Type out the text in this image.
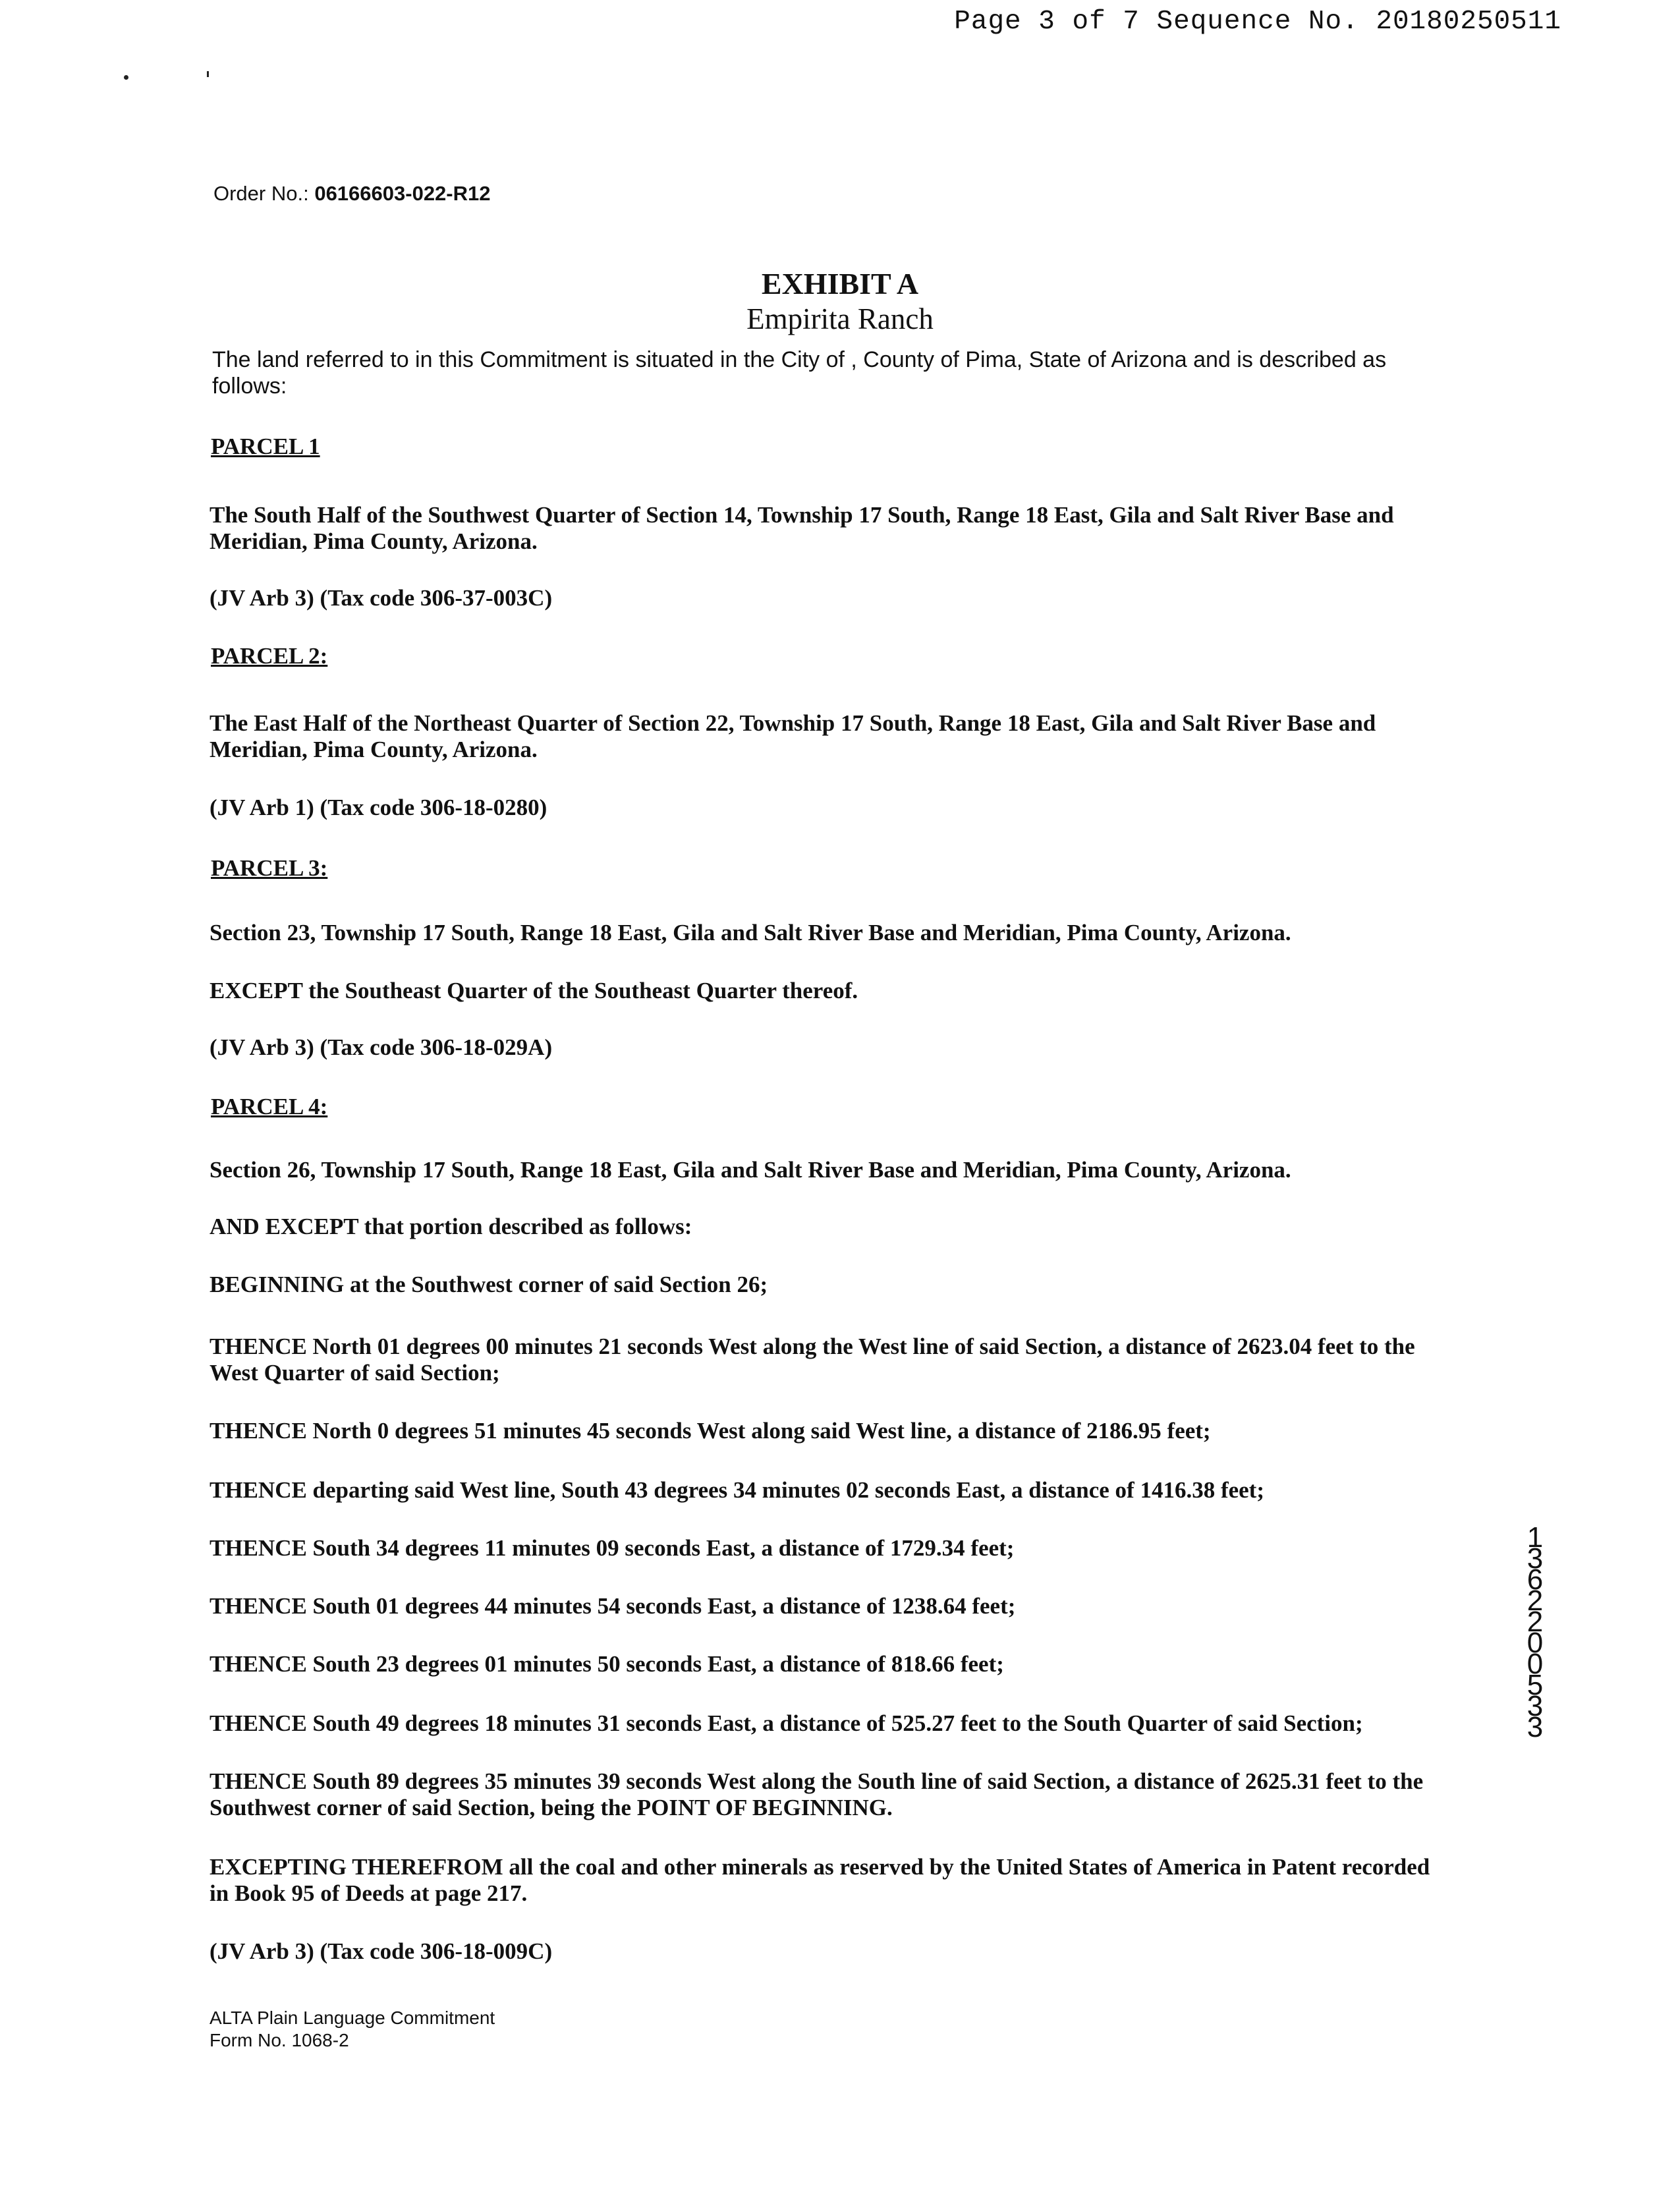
Page 3 of 7 Sequence No. 20180250511
Order No.: 06166603-022-R12
EXHIBIT A
Empirita Ranch
The land referred to in this Commitment is situated in the City of , County of Pima, State of Arizona and is described as follows:
PARCEL 1
The South Half of the Southwest Quarter of Section 14, Township 17 South, Range 18 East, Gila and Salt River Base and Meridian, Pima County, Arizona.
(JV Arb 3) (Tax code 306-37-003C)
PARCEL 2:
The East Half of the Northeast Quarter of Section 22, Township 17 South, Range 18 East, Gila and Salt River Base and Meridian, Pima County, Arizona.
(JV Arb 1) (Tax code 306-18-0280)
PARCEL 3:
Section 23, Township 17 South, Range 18 East, Gila and Salt River Base and Meridian, Pima County, Arizona.
EXCEPT the Southeast Quarter of the Southeast Quarter thereof.
(JV Arb 3) (Tax code 306-18-029A)
PARCEL 4:
Section 26, Township 17 South, Range 18 East, Gila and Salt River Base and Meridian, Pima County, Arizona.
AND EXCEPT that portion described as follows:
BEGINNING at the Southwest corner of said Section 26;
THENCE North 01 degrees 00 minutes 21 seconds West along the West line of said Section, a distance of 2623.04 feet to the West Quarter of said Section;
THENCE North 0 degrees 51 minutes 45 seconds West along said West line, a distance of 2186.95 feet;
THENCE departing said West line, South 43 degrees 34 minutes 02 seconds East, a distance of 1416.38 feet;
THENCE South 34 degrees 11 minutes 09 seconds East, a distance of 1729.34 feet;
THENCE South 01 degrees 44 minutes 54 seconds East, a distance of 1238.64 feet;
THENCE South 23 degrees 01 minutes 50 seconds East, a distance of 818.66 feet;
THENCE South 49 degrees 18 minutes 31 seconds East, a distance of 525.27 feet to the South Quarter of said Section;
THENCE South 89 degrees 35 minutes 39 seconds West along the South line of said Section, a distance of 2625.31 feet to the Southwest corner of said Section, being the POINT OF BEGINNING.
EXCEPTING THEREFROM all the coal and other minerals as reserved by the United States of America in Patent recorded in Book 95 of Deeds at page 217.
(JV Arb 3) (Tax code 306-18-009C)
ALTA Plain Language Commitment
Form No. 1068-2
1362200533
